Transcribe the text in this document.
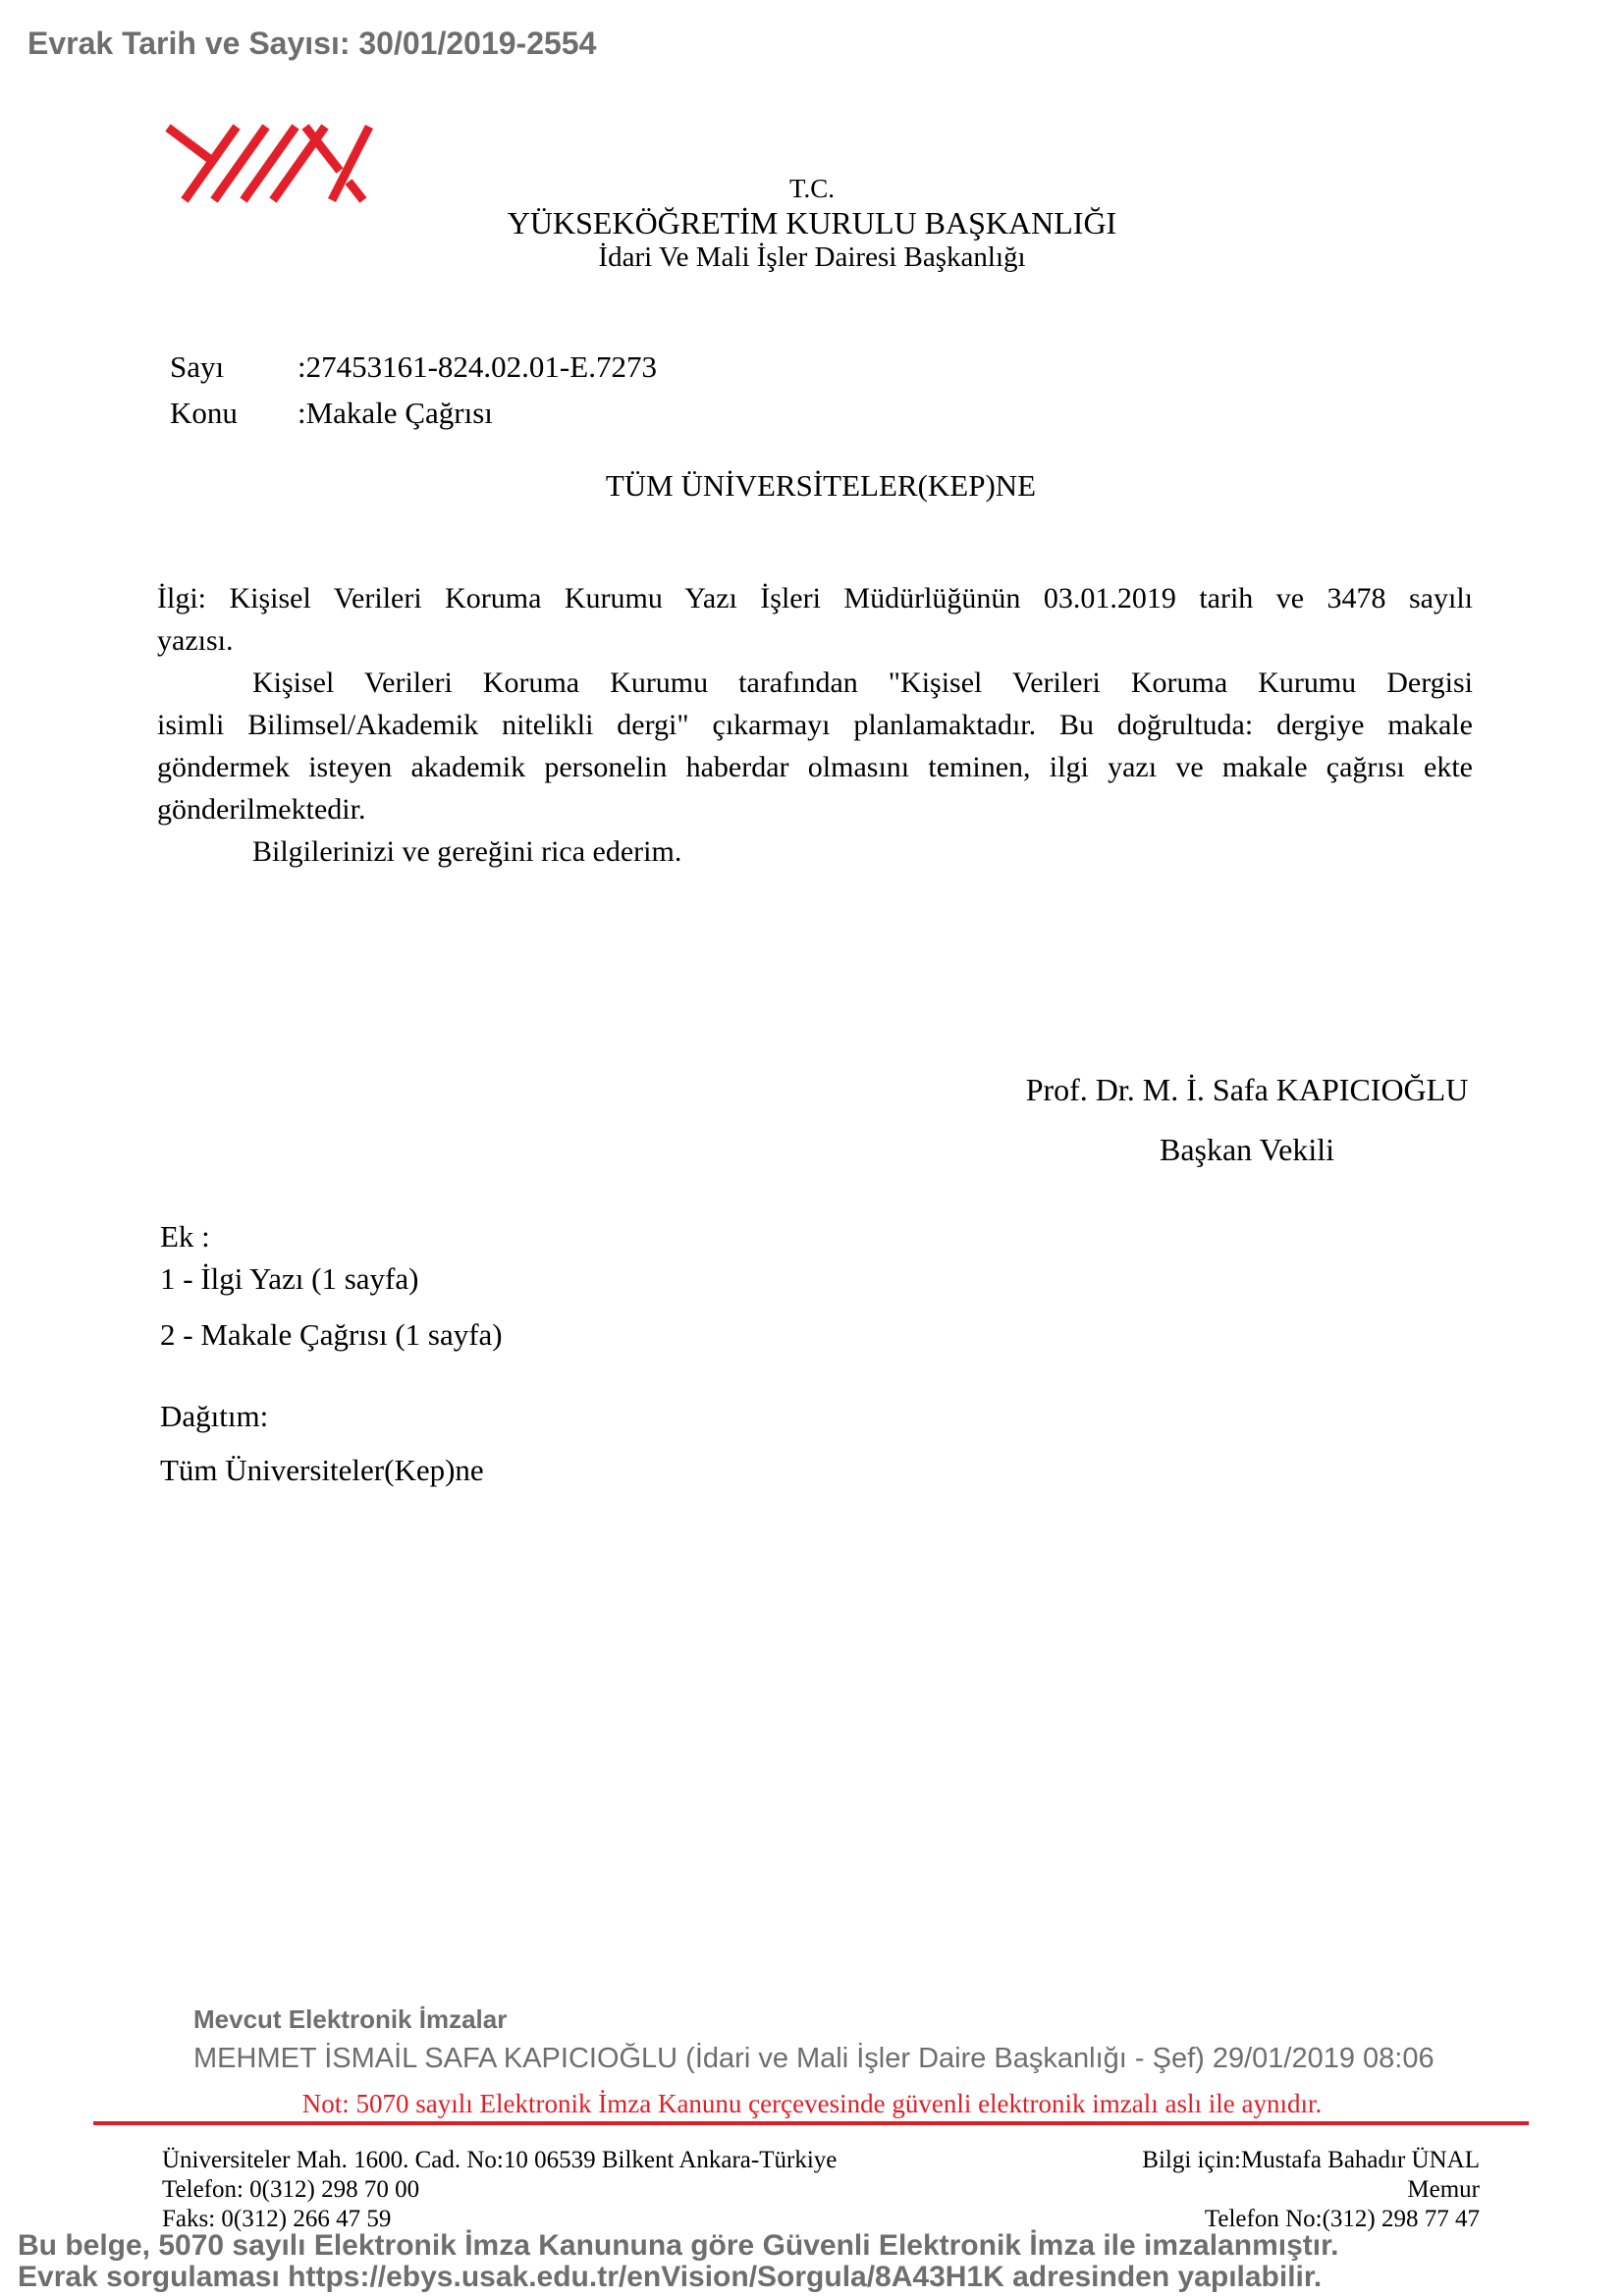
Evrak Tarih ve Sayısı: 30/01/2019-2554
T.C.
YÜKSEKÖĞRETİM KURULU BAŞKANLIĞI
İdari Ve Mali İşler Dairesi Başkanlığı
Sayı :27453161-824.02.01-E.7273
Konu :Makale Çağrısı
TÜM ÜNİVERSİTELER(KEP)NE
İlgi: Kişisel Verileri Koruma Kurumu Yazı İşleri Müdürlüğünün 03.01.2019 tarih ve 3478 sayılı
yazısı.
Kişisel Verileri Koruma Kurumu tarafından "Kişisel Verileri Koruma Kurumu Dergisi
isimli Bilimsel/Akademik nitelikli dergi" çıkarmayı planlamaktadır. Bu doğrultuda: dergiye makale
göndermek isteyen akademik personelin haberdar olmasını teminen, ilgi yazı ve makale çağrısı ekte
gönderilmektedir.
Bilgilerinizi ve gereğini rica ederim.
Prof. Dr. M. İ. Safa KAPICIOĞLU
Başkan Vekili
Ek :
1 - İlgi Yazı (1 sayfa)
2 - Makale Çağrısı (1 sayfa)
Dağıtım:
Tüm Üniversiteler(Kep)ne
Mevcut Elektronik İmzalar
MEHMET İSMAİL SAFA KAPICIOĞLU (İdari ve Mali İşler Daire Başkanlığı - Şef) 29/01/2019 08:06
Not: 5070 sayılı Elektronik İmza Kanunu çerçevesinde güvenli elektronik imzalı aslı ile aynıdır.
Üniversiteler Mah. 1600. Cad. No:10 06539 Bilkent Ankara-Türkiye
Telefon: 0(312) 298 70 00
Faks: 0(312) 266 47 59
Bilgi için:Mustafa Bahadır ÜNAL
Memur
Telefon No:(312) 298 77 47
Bu belge, 5070 sayılı Elektronik İmza Kanununa göre Güvenli Elektronik İmza ile imzalanmıştır.
Evrak sorgulaması https://ebys.usak.edu.tr/enVision/Sorgula/8A43H1K adresinden yapılabilir.
